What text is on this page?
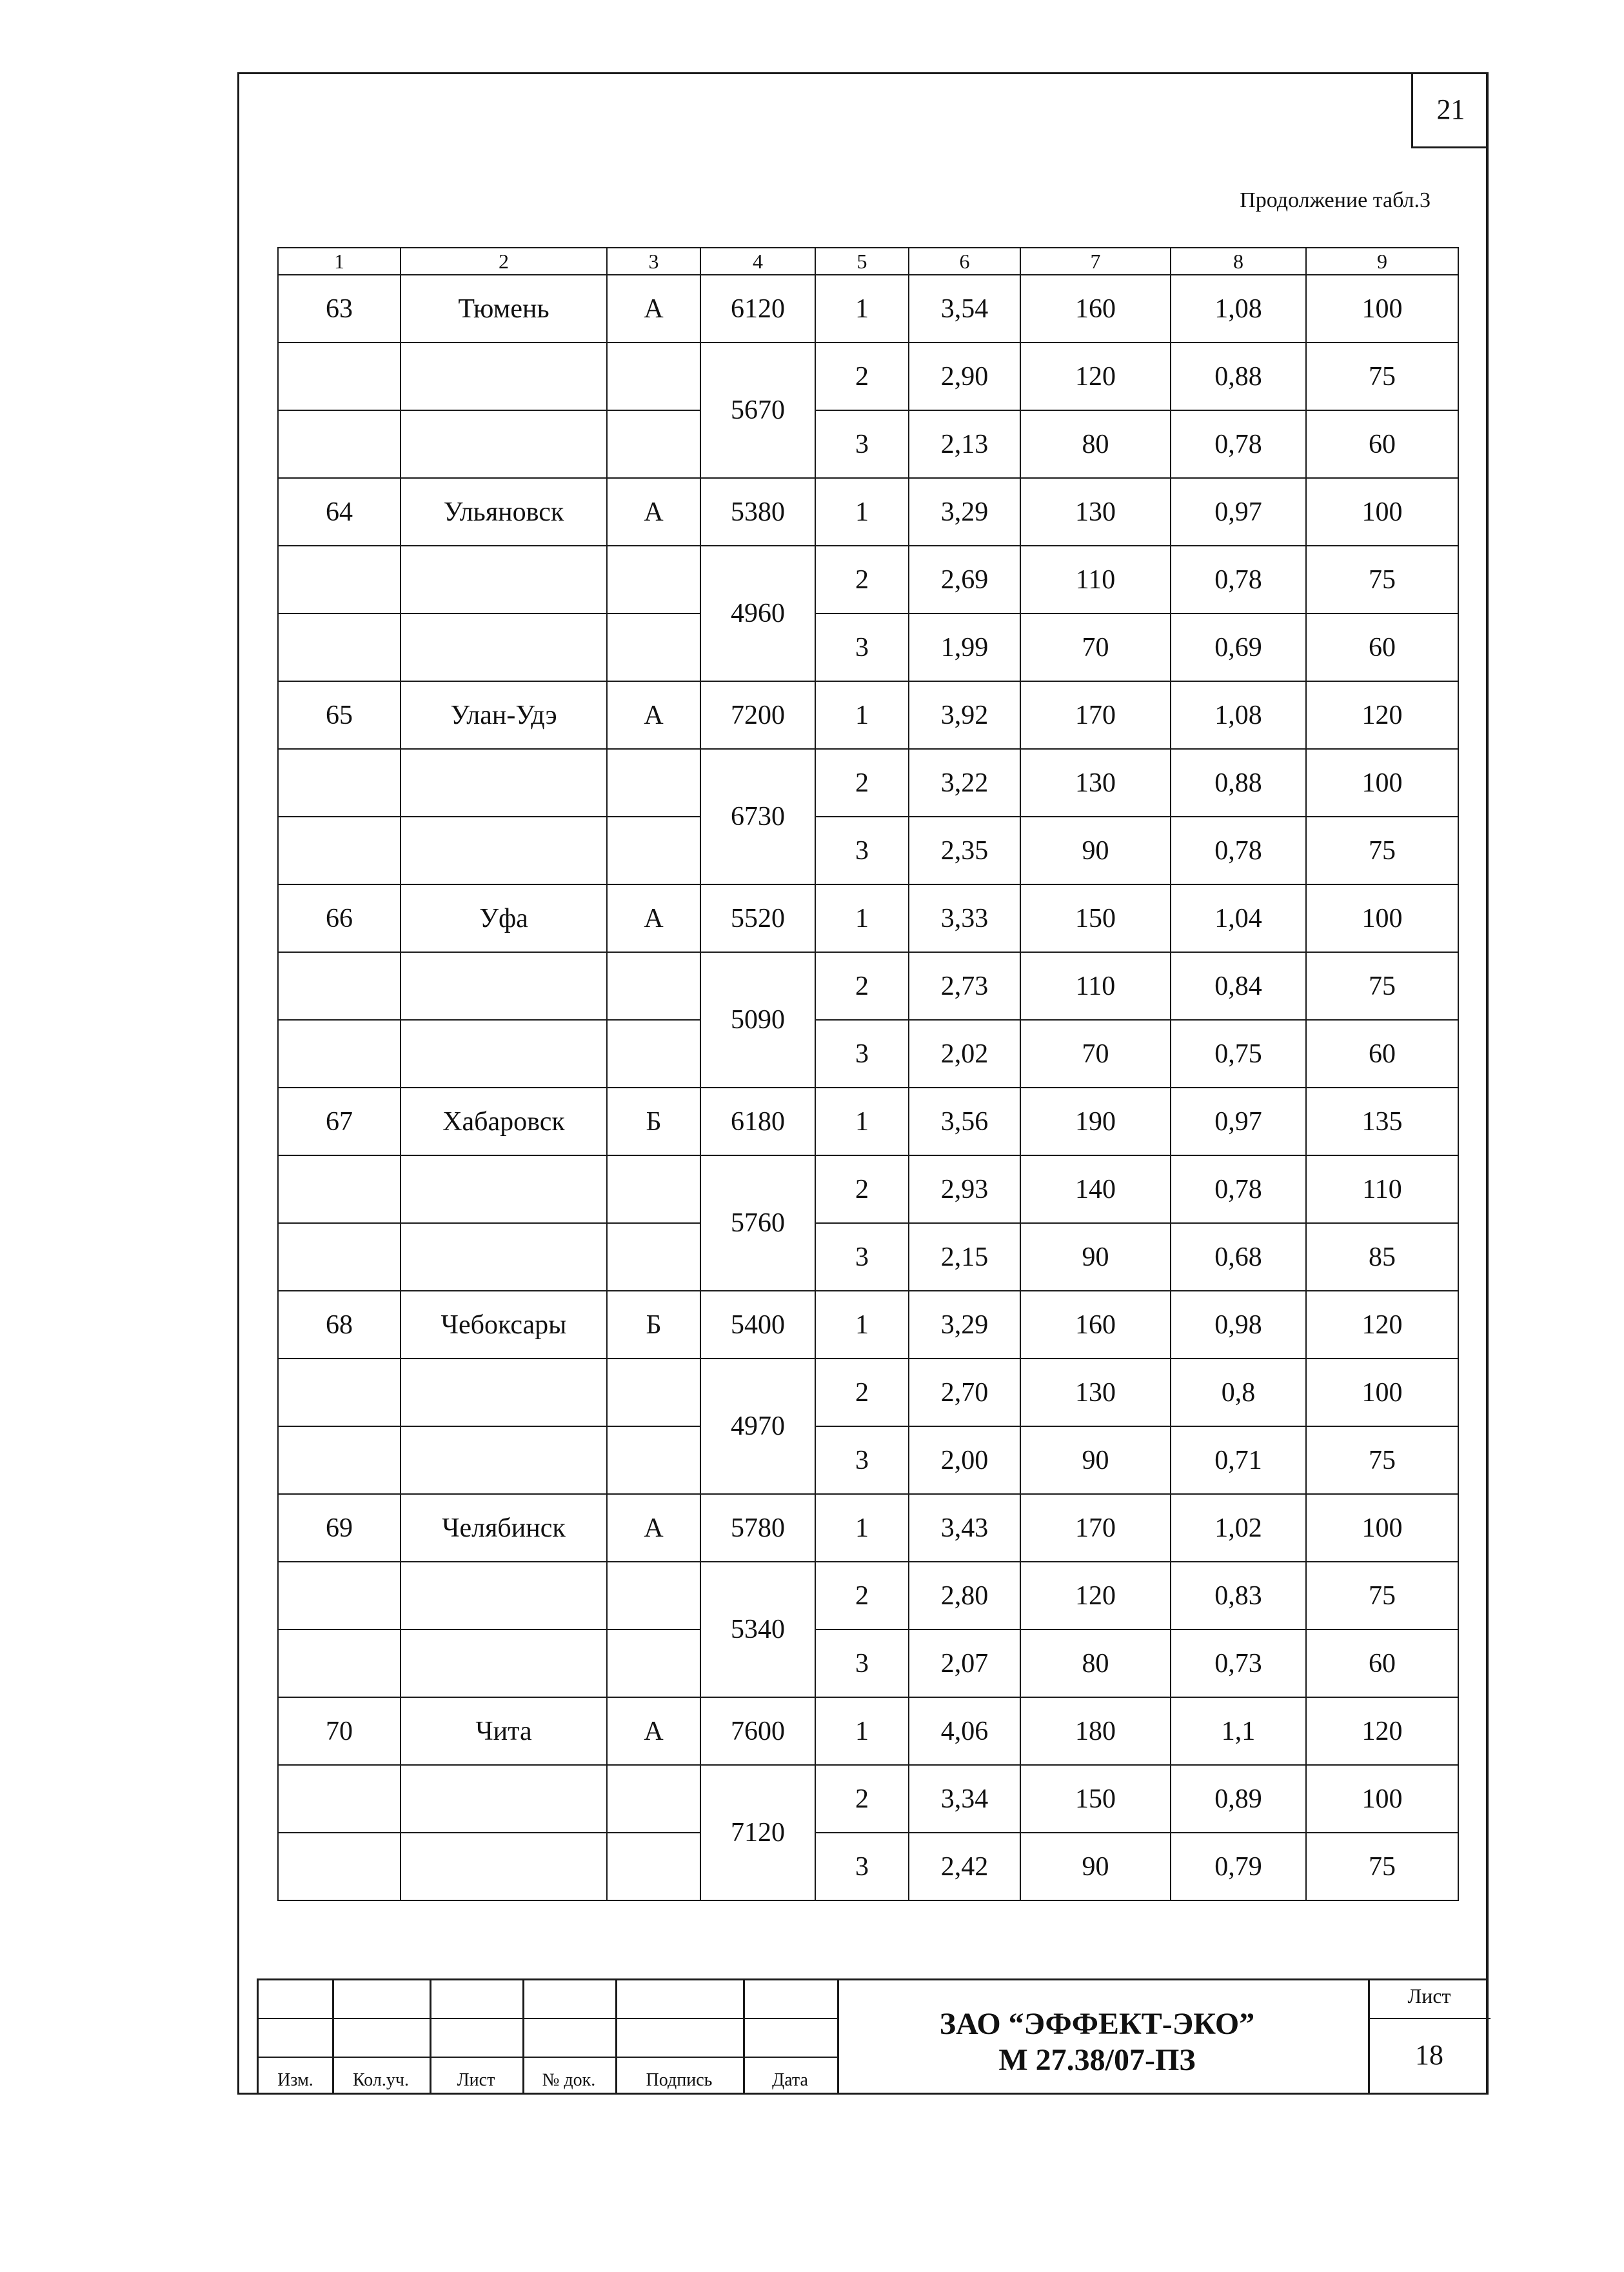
21
Продолжение табл.3
1	2	3	4	5	6	7	8	9
63	Тюмень	А	6120	1	3,54	160	1,08	100
			5670	2	2,90	120	0,88	75
				3	2,13	80	0,78	60
64	Ульяновск	А	5380	1	3,29	130	0,97	100
			4960	2	2,69	110	0,78	75
				3	1,99	70	0,69	60
65	Улан-Удэ	А	7200	1	3,92	170	1,08	120
			6730	2	3,22	130	0,88	100
				3	2,35	90	0,78	75
66	Уфа	А	5520	1	3,33	150	1,04	100
			5090	2	2,73	110	0,84	75
				3	2,02	70	0,75	60
67	Хабаровск	Б	6180	1	3,56	190	0,97	135
			5760	2	2,93	140	0,78	110
				3	2,15	90	0,68	85
68	Чебоксары	Б	5400	1	3,29	160	0,98	120
			4970	2	2,70	130	0,8	100
				3	2,00	90	0,71	75
69	Челябинск	А	5780	1	3,43	170	1,02	100
			5340	2	2,80	120	0,83	75
				3	2,07	80	0,73	60
70	Чита	А	7600	1	4,06	180	1,1	120
			7120	2	3,34	150	0,89	100
				3	2,42	90	0,79	75
Изм.	Кол.уч.	Лист	№ док.	Подпись	Дата
ЗАО “ЭФФЕКТ-ЭКО”
М 27.38/07-ПЗ
Лист
18
